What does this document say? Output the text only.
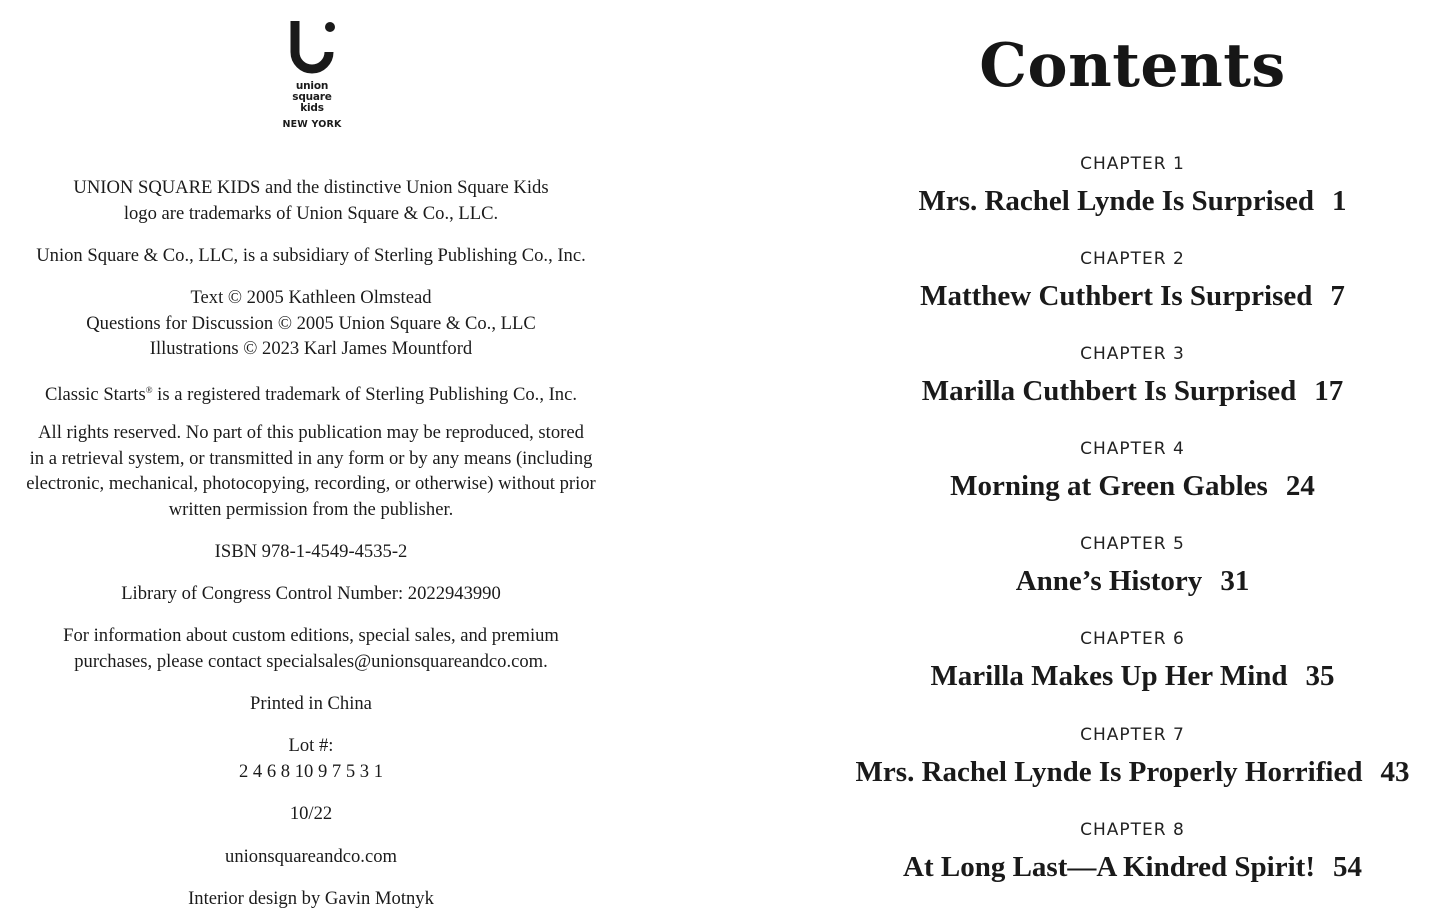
union
square
kids
NEW YORK

UNION SQUARE KIDS and the distinctive Union Square Kids
logo are trademarks of Union Square & Co., LLC.

Union Square & Co., LLC, is a subsidiary of Sterling Publishing Co., Inc.

Text © 2005 Kathleen Olmstead
Questions for Discussion © 2005 Union Square & Co., LLC
Illustrations © 2023 Karl James Mountford

Classic Starts® is a registered trademark of Sterling Publishing Co., Inc.

All rights reserved. No part of this publication may be reproduced, stored
in a retrieval system, or transmitted in any form or by any means (including
electronic, mechanical, photocopying, recording, or otherwise) without prior
written permission from the publisher.

ISBN 978-1-4549-4535-2

Library of Congress Control Number: 2022943990

For information about custom editions, special sales, and premium
purchases, please contact specialsales@unionsquareandco.com.

Printed in China

Lot #:
2 4 6 8 10 9 7 5 3 1

10/22

unionsquareandco.com

Interior design by Gavin Motnyk

Contents
CHAPTER 1
Mrs. Rachel Lynde Is Surprised 1
CHAPTER 2
Matthew Cuthbert Is Surprised 7
CHAPTER 3
Marilla Cuthbert Is Surprised 17
CHAPTER 4
Morning at Green Gables 24
CHAPTER 5
Anne’s History 31
CHAPTER 6
Marilla Makes Up Her Mind 35
CHAPTER 7
Mrs. Rachel Lynde Is Properly Horrified 43
CHAPTER 8
At Long Last—A Kindred Spirit! 54
